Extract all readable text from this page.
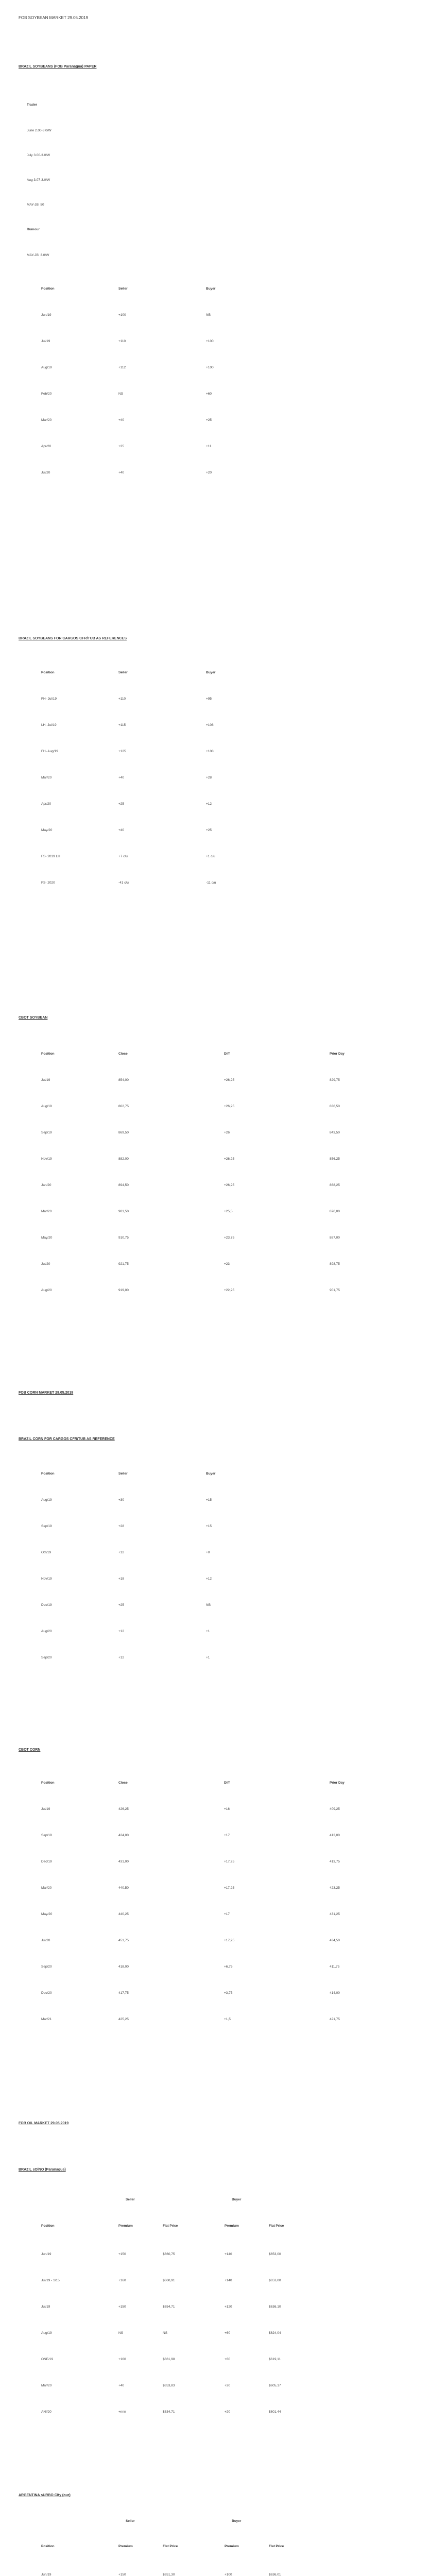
FOB SOYBEAN MARKET 29.05.2019
BRAZIL SOYBEANS (FOB Paranagua) PAPER
Trader
June 2.00-3.0/W
July 3.00-3.0/W
Aug 3.07-3.0/W
MAY-JBI 50
Rumour
MAY-JBI 3.0/W
Position	Seller	Buyer
Jun/19	+100	NB
Jul/19	+110	+100
Aug/19	+112	+100
Feb/20	NS	+60
Mar/20	+40	+25
Apr/20	+25	+11
Jul/20	+40	+20
BRAZIL SOYBEANS FOR CARGOS CFR/TUB AS REFERENCES
Position	Seller	Buyer
FH- Jul/19	+110	+95
LH- Jul/19	+115	+108
FH- Aug/19	+125	+108
Mar/20	+40	+28
Apr/20	+25	+12
May/20	+40	+25
FS- 2019 LH	+7 c/u	+1 c/u
FS- 2020	-41 c/u	-11 c/u
CBOT SOYBEAN
Position	Close	Diff	Prior Day
Jul/19	854,00	+26,25	829,75
Aug/19	862,75	+26,25	836,50
Sep/19	869,50	+26	843,50
Nov/19	882,00	+26,25	856,25
Jan/20	894,50	+26,25	868,25
Mar/20	901,50	+25,5	876,00
May/20	910,75	+23,75	887,00
Jul/20	921,75	+23	898,75
Aug/20	919,00	+22,25	901,75
FOB CORN MARKET 29.05.2019
BRAZIL CORN FOR CARGOS CFR/TUB AS REFERENCE
Position	Seller	Buyer
Aug/19	+30	+15
Sep/19	+28	+15
Oct/19	+12	+0
Nov/19	+18	+12
Dec/19	+25	NB
Aug/20	+12	+1
Sep/20	+12	+1
CBOT CORN
Position	Close	Diff	Prior Day
Jul/19	426,25	+16	409,25
Sep/19	424,00	+17	412,00
Dec/19	431,00	+17,25	413,75
Mar/20	440,50	+17,25	423,25
May/20	440,25	+17	431,25
Jul/20	451,75	+17,25	434,50
Sep/20	418,00	+6,75	411,75
Dec/20	417,75	+3,75	414,00
Mar/21	425,25	+1,5	421,75
FOB OIL MARKET 29.05.2019
BRAZIL sOlNO (Paranagua)
Seller	Buyer
Position	Premium	Flat Price	Premium	Flat Price
Jun/19	+150	$660,75	+140	$653,00
Jul/19 - 1/15	+160	$660,91	+140	$653,00
Jul/19	+150	$654,71	+120	$636,10
Aug/19	NS	NS	+60	$624,04
ONE/19	+160	$661,98	+60	$619,11
Mar/20	+40	$653,83	+20	$605,17
ANI/20	+nnn	$634,71	+20	$601,44
ARGENTINA sURBO City (our)
Seller	Buyer
Position	Premium	Flat Price	Premium	Flat Price
Jun/19	+150	$651,30	+100	$636,01
